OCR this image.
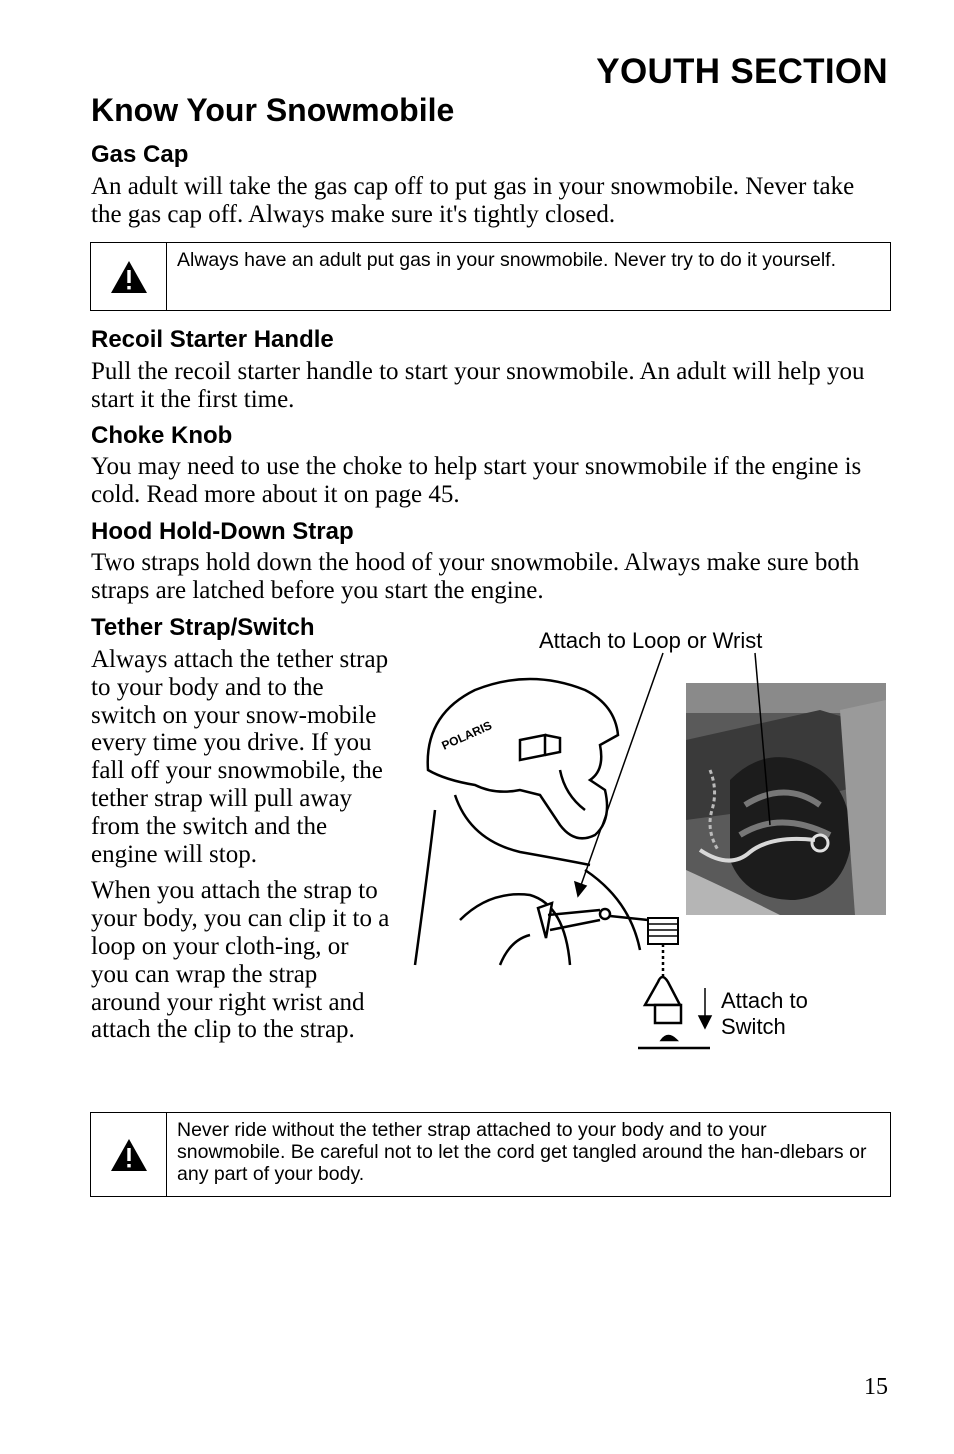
YOUTH SECTION
Know Your Snowmobile
Gas Cap
An adult will take the gas cap off to put gas in your snowmobile. Never take the gas cap off. Always make sure it's tightly closed.
Always have an adult put gas in your snowmobile. Never try to do it yourself.
Recoil Starter Handle
Pull the recoil starter handle to start your snowmobile. An adult will help you start it the first time.
Choke Knob
You may need to use the choke to help start your snowmobile if the engine is cold. Read more about it on page 45.
Hood Hold-Down Strap
Two straps hold down the hood of your snowmobile. Always make sure both straps are latched before you start the engine.
Tether Strap/Switch

Always attach the tether strap to your body and to the switch on your snow-mobile every time you drive. If you fall off your snowmobile, the tether strap will pull away from the switch and the engine will stop.

When you attach the strap to your body, you can clip it to a loop on your cloth-ing, or you can wrap the strap around your right wrist and attach the clip to the strap.

POLARIS
Attach to Loop or Wrist
Attach to
Switch
Never ride without the tether strap attached to your body and to your snowmobile. Be careful not to let the cord get tangled around the han-dlebars or any part of your body.
15
